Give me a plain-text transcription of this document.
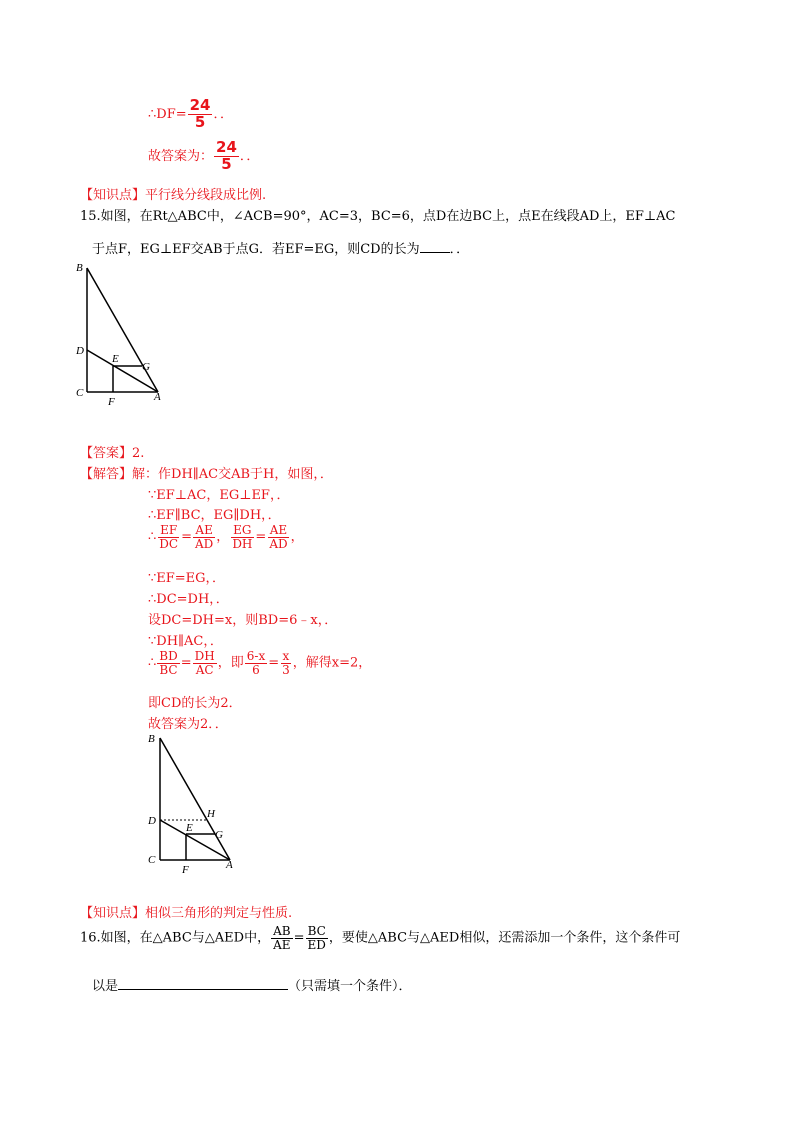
∴DF= $\frac{24}{5}$ ．．
故答案为： $\frac{24}{5}$ ．．
【知识点】平行线分线段成比例.
15.如图，在Rt△ABC中，∠ACB=90°，AC=3，BC=6，点D在边BC上，点E在线段AD上，EF⊥AC
于点F，EG⊥EF交AB于点G．若EF=EG，则CD的长为 ．．
B
D
E
G
C
F	A
【答案】2.
【解答】解：作DH∥AC交AB于H，如图，．
∵EF⊥AC，EG⊥EF，．
∴EF∥BC，EG∥DH，．
∴ $\frac{EF}{DC} = \frac{AE}{AD}$ ， $\frac{EG}{DH} = \frac{AE}{AD}$ ，
∵EF=EG，．
∴DC=DH，．
设DC=DH=x，则BD=6﹣x，．
∵DH∥AC，．
∴ $\frac{BD}{BC} = \frac{DH}{AC}$ ，即 $\frac{6-x}{6} = \frac{x}{3}$ ，解得x=2，
即CD的长为2．
故答案为2．．
B
H
D
E
G
C
F	A
【知识点】相似三角形的判定与性质.
16.如图，在△ABC与△AED中， $\frac{AB}{AE} = \frac{BC}{ED}$ ，要使△ABC与△AED相似，还需添加一个条件，这个条件可
以是	（只需填一个条件）．
